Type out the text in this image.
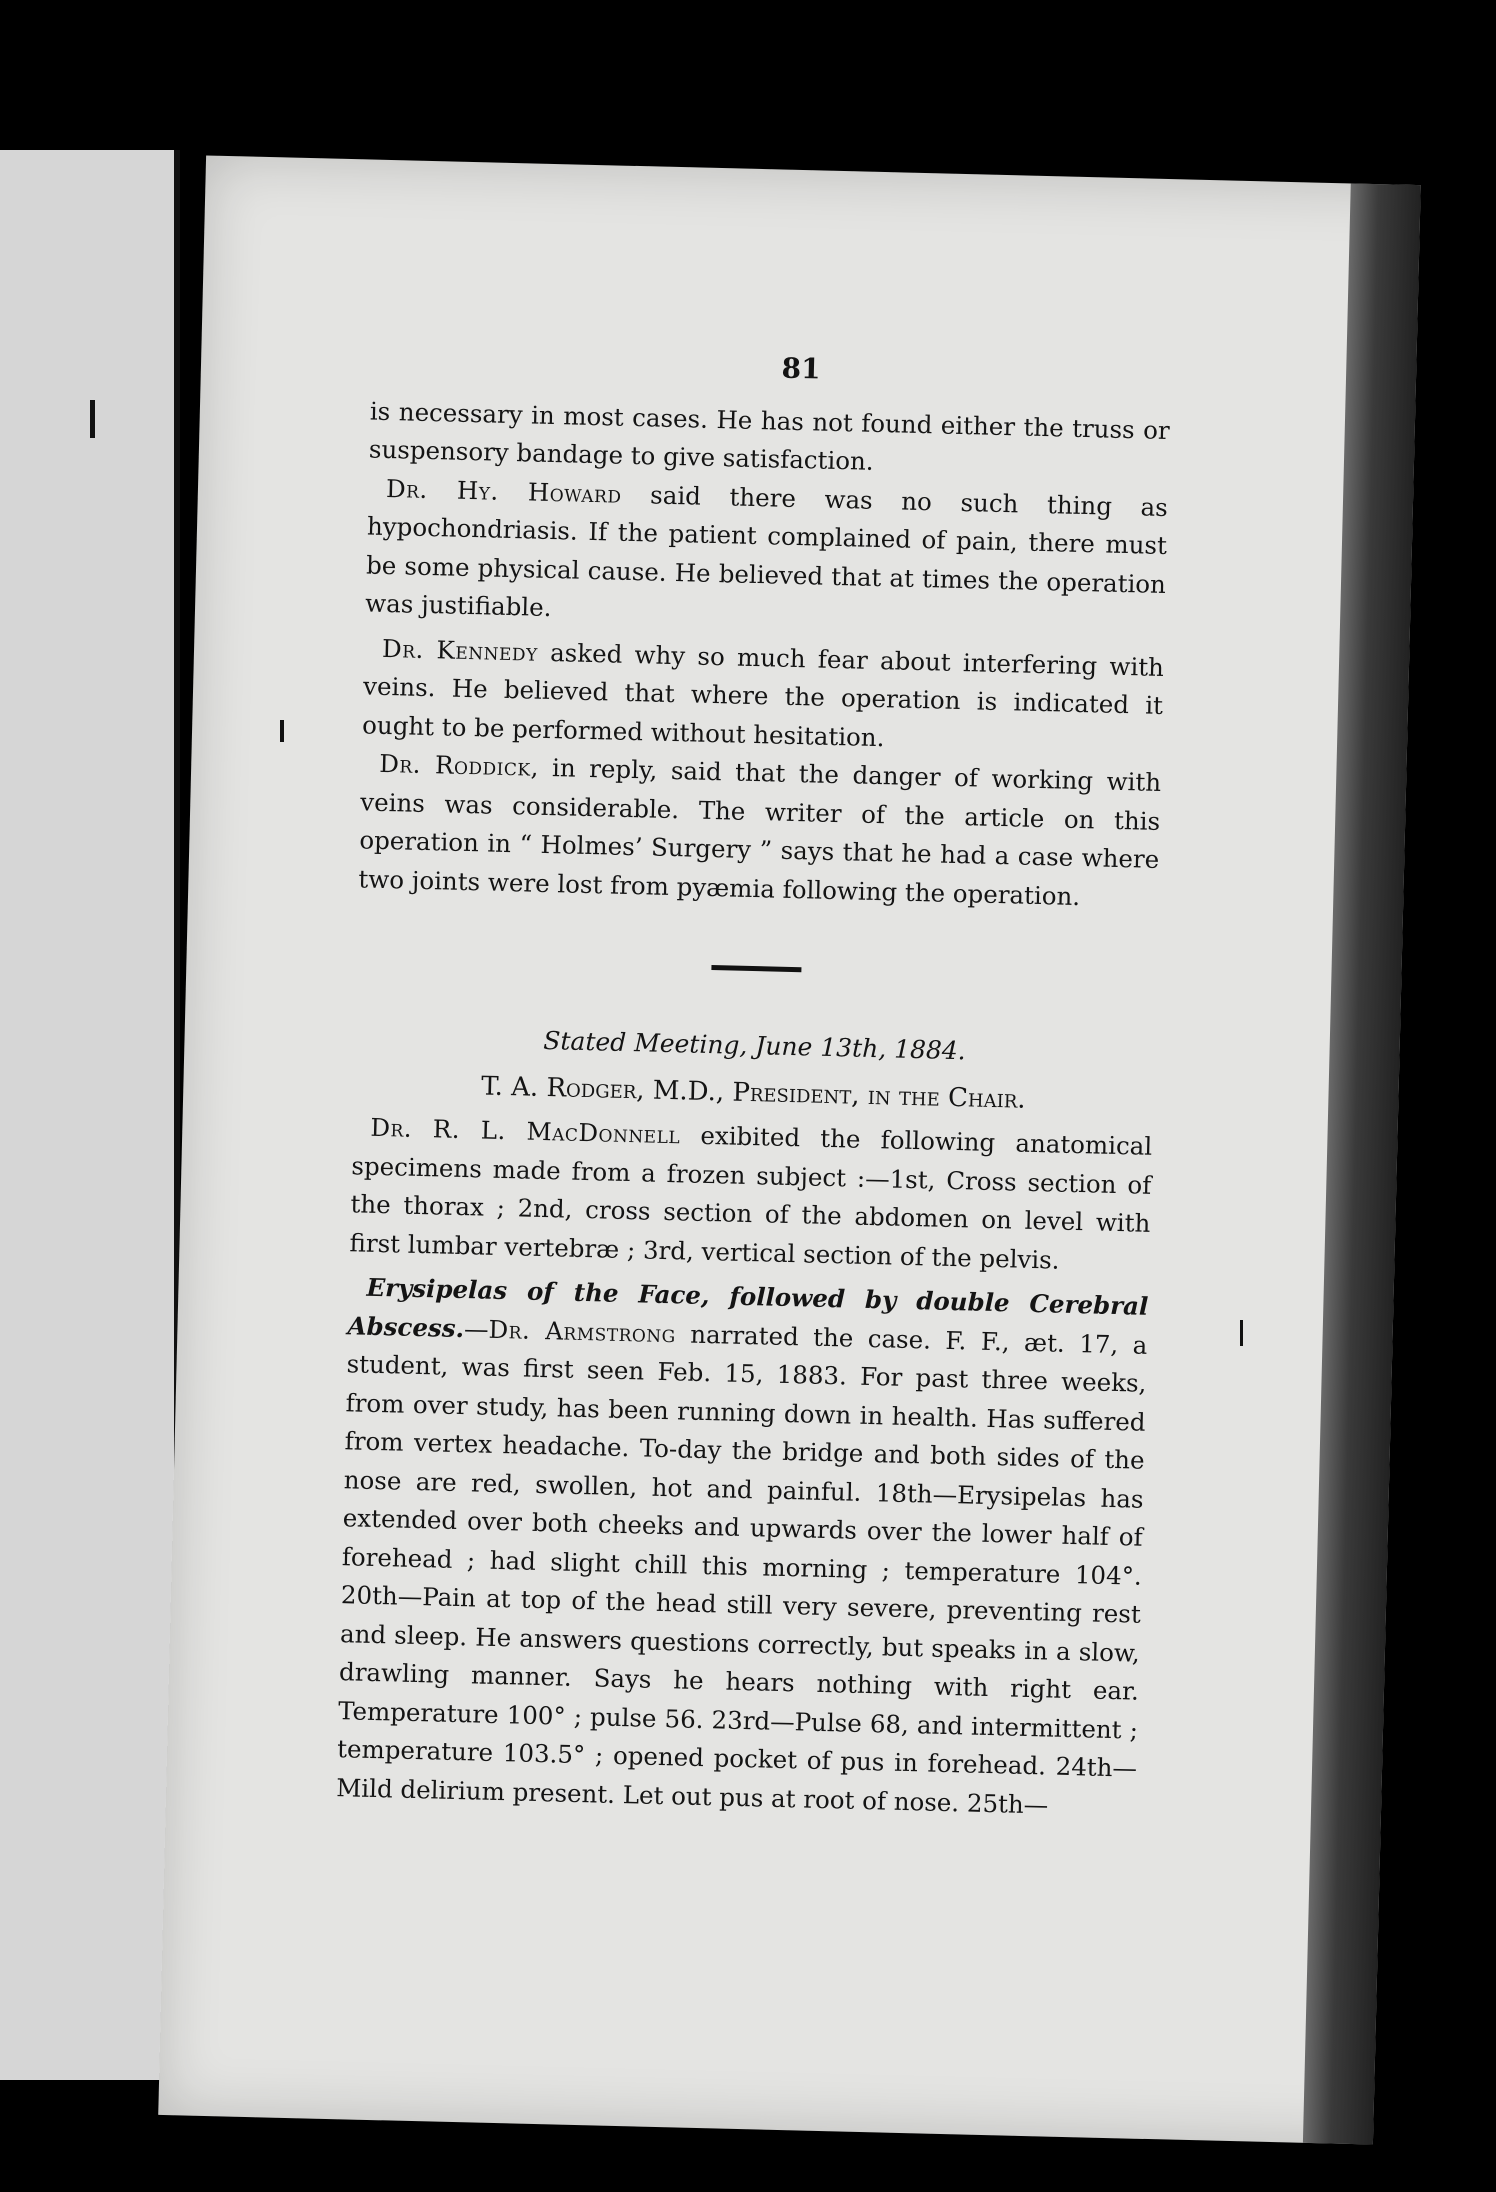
81

is necessary in most cases. He has not found either the truss or suspensory bandage to give satisfaction.

Dr. Hy. Howard said there was no such thing as hypochondriasis. If the patient complained of pain, there must be some physical cause. He believed that at times the operation was justifiable.

Dr. Kennedy asked why so much fear about interfering with veins. He believed that where the operation is indicated it ought to be performed without hesitation.

Dr. Roddick, in reply, said that the danger of working with veins was considerable. The writer of the article on this operation in “ Holmes’ Surgery ” says that he had a case where two joints were lost from pyæmia following the operation.

Stated Meeting, June 13th, 1884.

T. A. Rodger, M.D., President, in the Chair.

Dr. R. L. MacDonnell exibited the following anatomical specimens made from a frozen subject :—1st, Cross section of the thorax ; 2nd, cross section of the abdomen on level with first lumbar vertebræ ; 3rd, vertical section of the pelvis.

Erysipelas of the Face, followed by double Cerebral Abscess.—Dr. Armstrong narrated the case. F. F., æt. 17, a student, was first seen Feb. 15, 1883. For past three weeks, from over study, has been running down in health. Has suffered from vertex headache. To-day the bridge and both sides of the nose are red, swollen, hot and painful. 18th—Erysipelas has extended over both cheeks and upwards over the lower half of forehead ; had slight chill this morning ; temperature 104°. 20th—Pain at top of the head still very severe, preventing rest and sleep. He answers questions correctly, but speaks in a slow, drawling manner. Says he hears nothing with right ear. Temperature 100° ; pulse 56. 23rd—Pulse 68, and intermittent ; temperature 103.5° ; opened pocket of pus in forehead. 24th—Mild delirium present. Let out pus at root of nose. 25th—
